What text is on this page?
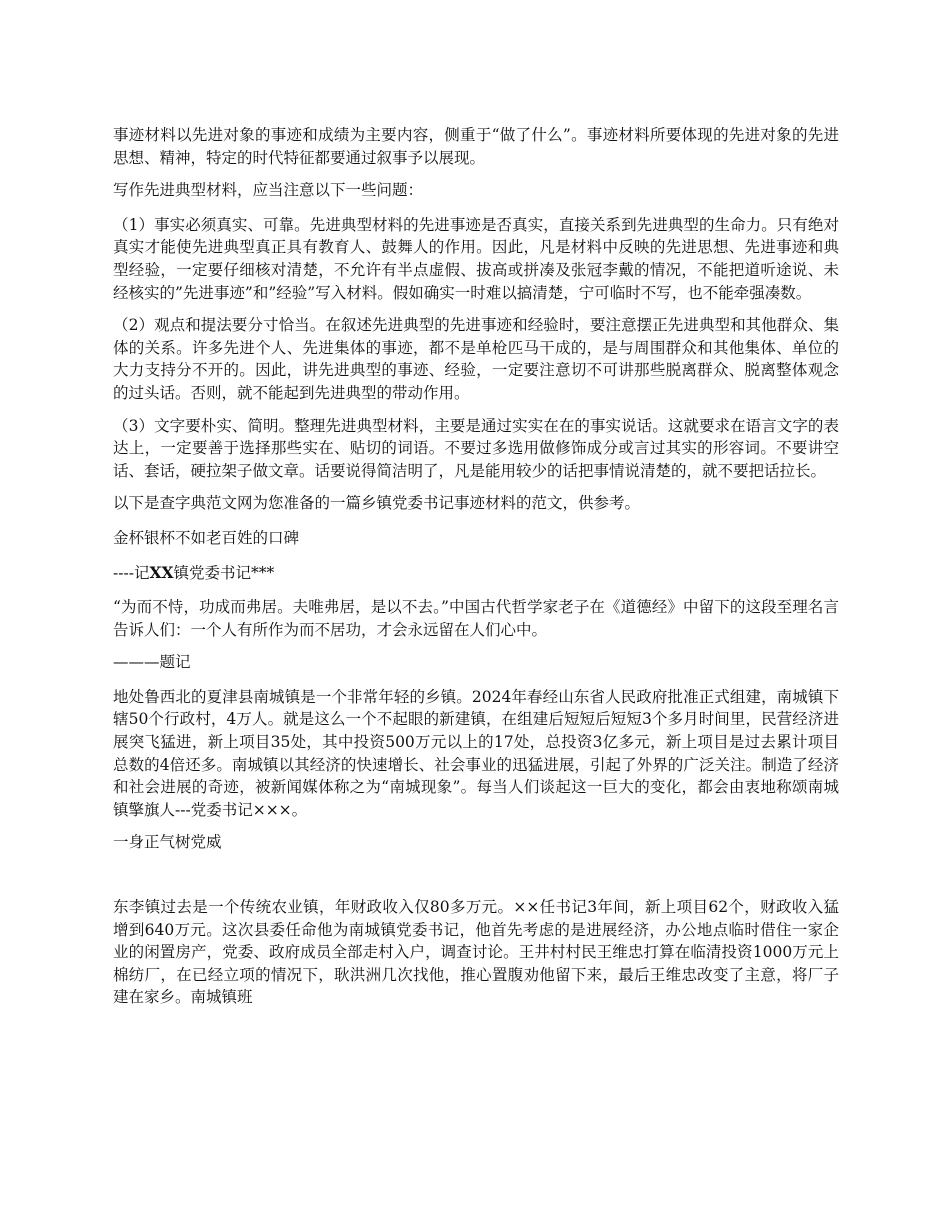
事迹材料以先进对象的事迹和成绩为主要内容，侧重于“做了什么”。事迹材料所要体现的先进对象的先进思想、精神，特定的时代特征都要通过叙事予以展现。

写作先进典型材料，应当注意以下一些问题：

（1）事实必须真实、可靠。先进典型材料的先进事迹是否真实，直接关系到先进典型的生命力。只有绝对真实才能使先进典型真正具有教育人、鼓舞人的作用。因此，凡是材料中反映的先进思想、先进事迹和典型经验，一定要仔细核对清楚，不允许有半点虚假、拔高或拼凑及张冠李戴的情况，不能把道听途说、未经核实的”先进事迹”和”经验”写入材料。假如确实一时难以搞清楚，宁可临时不写，也不能牵强凑数。

（2）观点和提法要分寸恰当。在叙述先进典型的先进事迹和经验时，要注意摆正先进典型和其他群众、集体的关系。许多先进个人、先进集体的事迹，都不是单枪匹马干成的，是与周围群众和其他集体、单位的大力支持分不开的。因此，讲先进典型的事迹、经验，一定要注意切不可讲那些脱离群众、脱离整体观念的过头话。否则，就不能起到先进典型的带动作用。

（3）文字要朴实、简明。整理先进典型材料，主要是通过实实在在的事实说话。这就要求在语言文字的表达上，一定要善于选择那些实在、贴切的词语。不要过多选用做修饰成分或言过其实的形容词。不要讲空话、套话，硬拉架子做文章。话要说得简洁明了，凡是能用较少的话把事情说清楚的，就不要把话拉长。

以下是查字典范文网为您准备的一篇乡镇党委书记事迹材料的范文，供参考。

金杯银杯不如老百姓的口碑

----记XX镇党委书记***

“为而不恃，功成而弗居。夫唯弗居，是以不去。”中国古代哲学家老子在《道德经》中留下的这段至理名言告诉人们：一个人有所作为而不居功，才会永远留在人们心中。

———题记

地处鲁西北的夏津县南城镇是一个非常年轻的乡镇。2024年春经山东省人民政府批准正式组建，南城镇下辖50个行政村，4万人。就是这么一个不起眼的新建镇，在组建后短短后短短3个多月时间里，民营经济进展突飞猛进，新上项目35处，其中投资500万元以上的17处，总投资3亿多元，新上项目是过去累计项目总数的4倍还多。南城镇以其经济的快速增长、社会事业的迅猛进展，引起了外界的广泛关注。制造了经济和社会进展的奇迹，被新闻媒体称之为“南城现象”。每当人们谈起这一巨大的变化，都会由衷地称颂南城镇擎旗人---党委书记×××。

一身正气树党威

东李镇过去是一个传统农业镇，年财政收入仅80多万元。××任书记3年间，新上项目62个，财政收入猛增到640万元。这次县委任命他为南城镇党委书记，他首先考虑的是进展经济，办公地点临时借住一家企业的闲置房产，党委、政府成员全部走村入户，调查讨论。王井村村民王维忠打算在临清投资1000万元上棉纺厂，在已经立项的情况下，耿洪洲几次找他，推心置腹劝他留下来，最后王维忠改变了主意，将厂子建在家乡。南城镇班
